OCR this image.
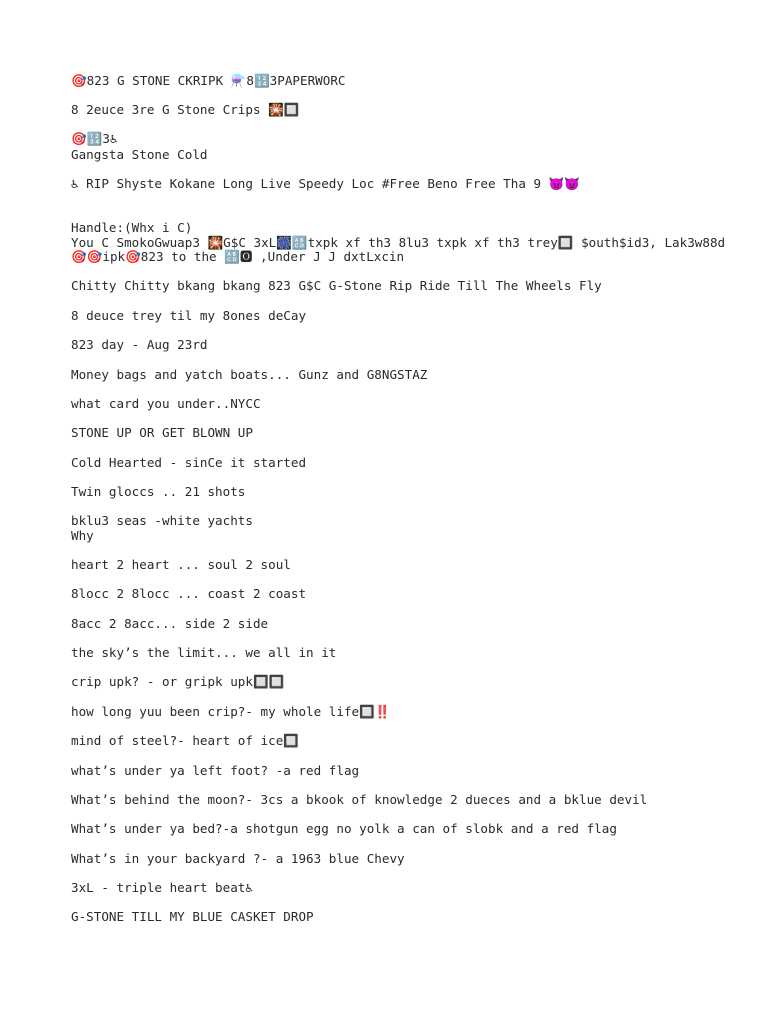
🎯823 G STONE CKRIPK ⚗️8🔢3PAPERWORC
8 2euce 3re G Stone Crips 🎇🔲
🎯🔢3♿
Gangsta Stone Cold
♿ RIP Shyste Kokane Long Live Speedy Loc #Free Beno Free Tha 9 😈😈
Handle:(Whx i C)
You C SmokoGwuap3 🎇G$C 3xL🎆🔠txpk xf th3 8lu3 txpk xf th3 trey🔲 $outh$id3, Lak3w88d
🎯🎯ipk🎯823 to the 🔠🅾 ,Under J J dxtLxcin
Chitty Chitty bkang bkang 823 G$C G-Stone Rip Ride Till The Wheels Fly
8 deuce trey til my 8ones deCay
823 day - Aug 23rd
Money bags and yatch boats... Gunz and G8NGSTAZ
what card you under..NYCC
STONE UP OR GET BLOWN UP
Cold Hearted - sinCe it started
Twin gloccs .. 21 shots
bklu3 seas -white yachts
Why
heart 2 heart ... soul 2 soul
8locc 2 8locc ... coast 2 coast
8acc 2 8acc... side 2 side
the sky’s the limit... we all in it
crip upk? - or gripk upk🔲🔲
how long yuu been crip?- my whole life🔲‼️
mind of steel?- heart of ice🔲
what’s under ya left foot? -a red flag
What’s behind the moon?- 3cs a bkook of knowledge 2 dueces and a bklue devil
What’s under ya bed?-a shotgun egg no yolk a can of slobk and a red flag
What’s in your backyard ?- a 1963 blue Chevy
3xL - triple heart beat♿
G-STONE TILL MY BLUE CASKET DROP
